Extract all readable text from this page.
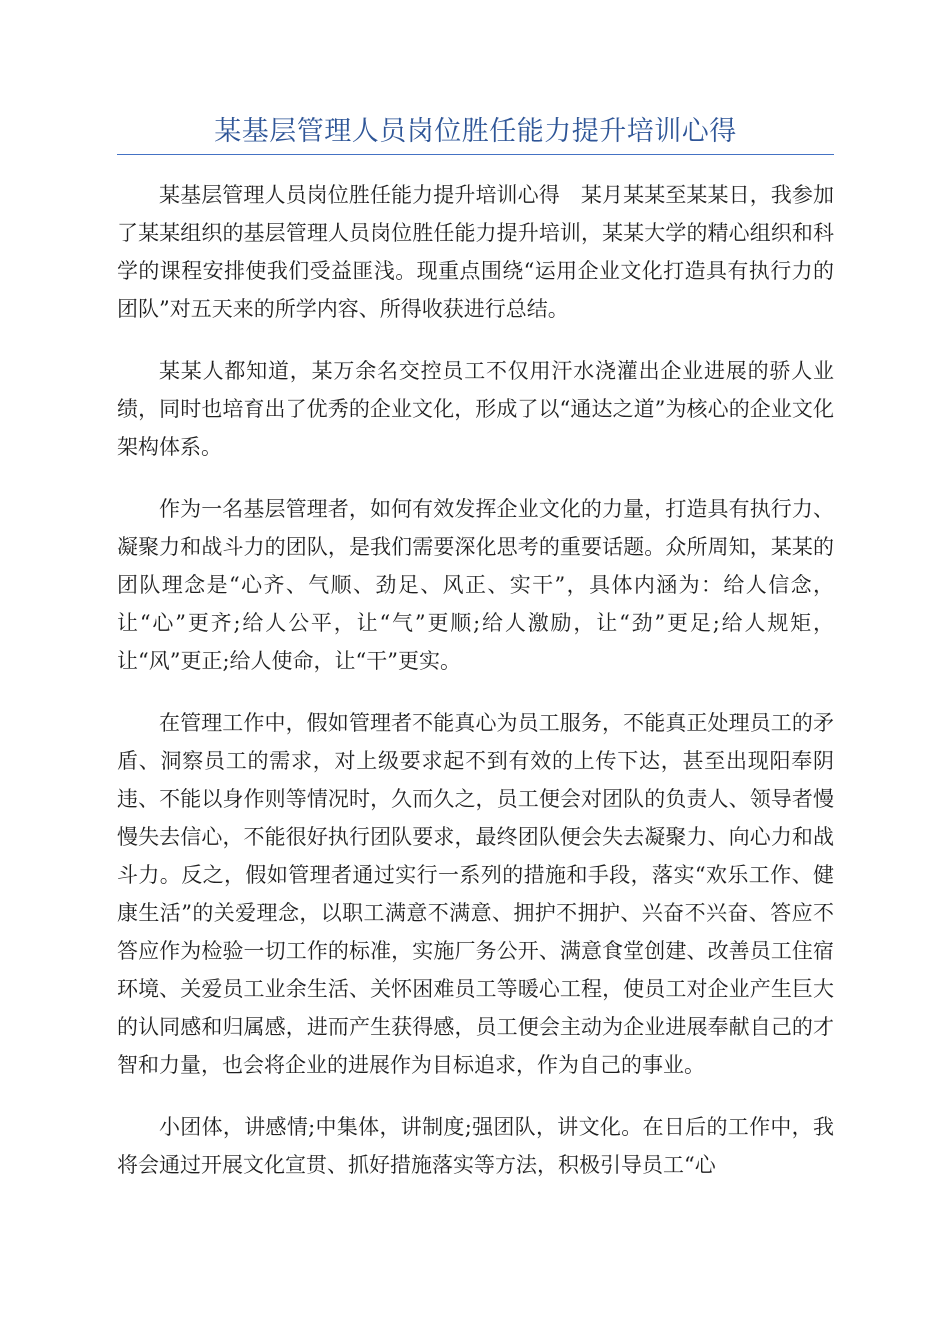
某基层管理人员岗位胜任能力提升培训心得

某基层管理人员岗位胜任能力提升培训心得　某月某某至某某日，我参加了某某组织的基层管理人员岗位胜任能力提升培训，某某大学的精心组织和科学的课程安排使我们受益匪浅。现重点围绕“运用企业文化打造具有执行力的团队”对五天来的所学内容、所得收获进行总结。

某某人都知道，某万余名交控员工不仅用汗水浇灌出企业进展的骄人业绩，同时也培育出了优秀的企业文化，形成了以“通达之道”为核心的企业文化架构体系。

作为一名基层管理者，如何有效发挥企业文化的力量，打造具有执行力、凝聚力和战斗力的团队，是我们需要深化思考的重要话题。众所周知，某某的团队理念是“心齐、气顺、劲足、风正、实干”，具体内涵为：给人信念，让“心”更齐;给人公平，让“气”更顺;给人激励，让“劲”更足;给人规矩，让“风”更正;给人使命，让“干”更实。

在管理工作中，假如管理者不能真心为员工服务，不能真正处理员工的矛盾、洞察员工的需求，对上级要求起不到有效的上传下达，甚至出现阳奉阴违、不能以身作则等情况时，久而久之，员工便会对团队的负责人、领导者慢慢失去信心，不能很好执行团队要求，最终团队便会失去凝聚力、向心力和战斗力。反之，假如管理者通过实行一系列的措施和手段，落实“欢乐工作、健康生活”的关爱理念，以职工满意不满意、拥护不拥护、兴奋不兴奋、答应不答应作为检验一切工作的标准，实施厂务公开、满意食堂创建、改善员工住宿环境、关爱员工业余生活、关怀困难员工等暖心工程，使员工对企业产生巨大的认同感和归属感，进而产生获得感，员工便会主动为企业进展奉献自己的才智和力量，也会将企业的进展作为目标追求，作为自己的事业。

小团体，讲感情;中集体，讲制度;强团队，讲文化。在日后的工作中，我将会通过开展文化宣贯、抓好措施落实等方法，积极引导员工“心
